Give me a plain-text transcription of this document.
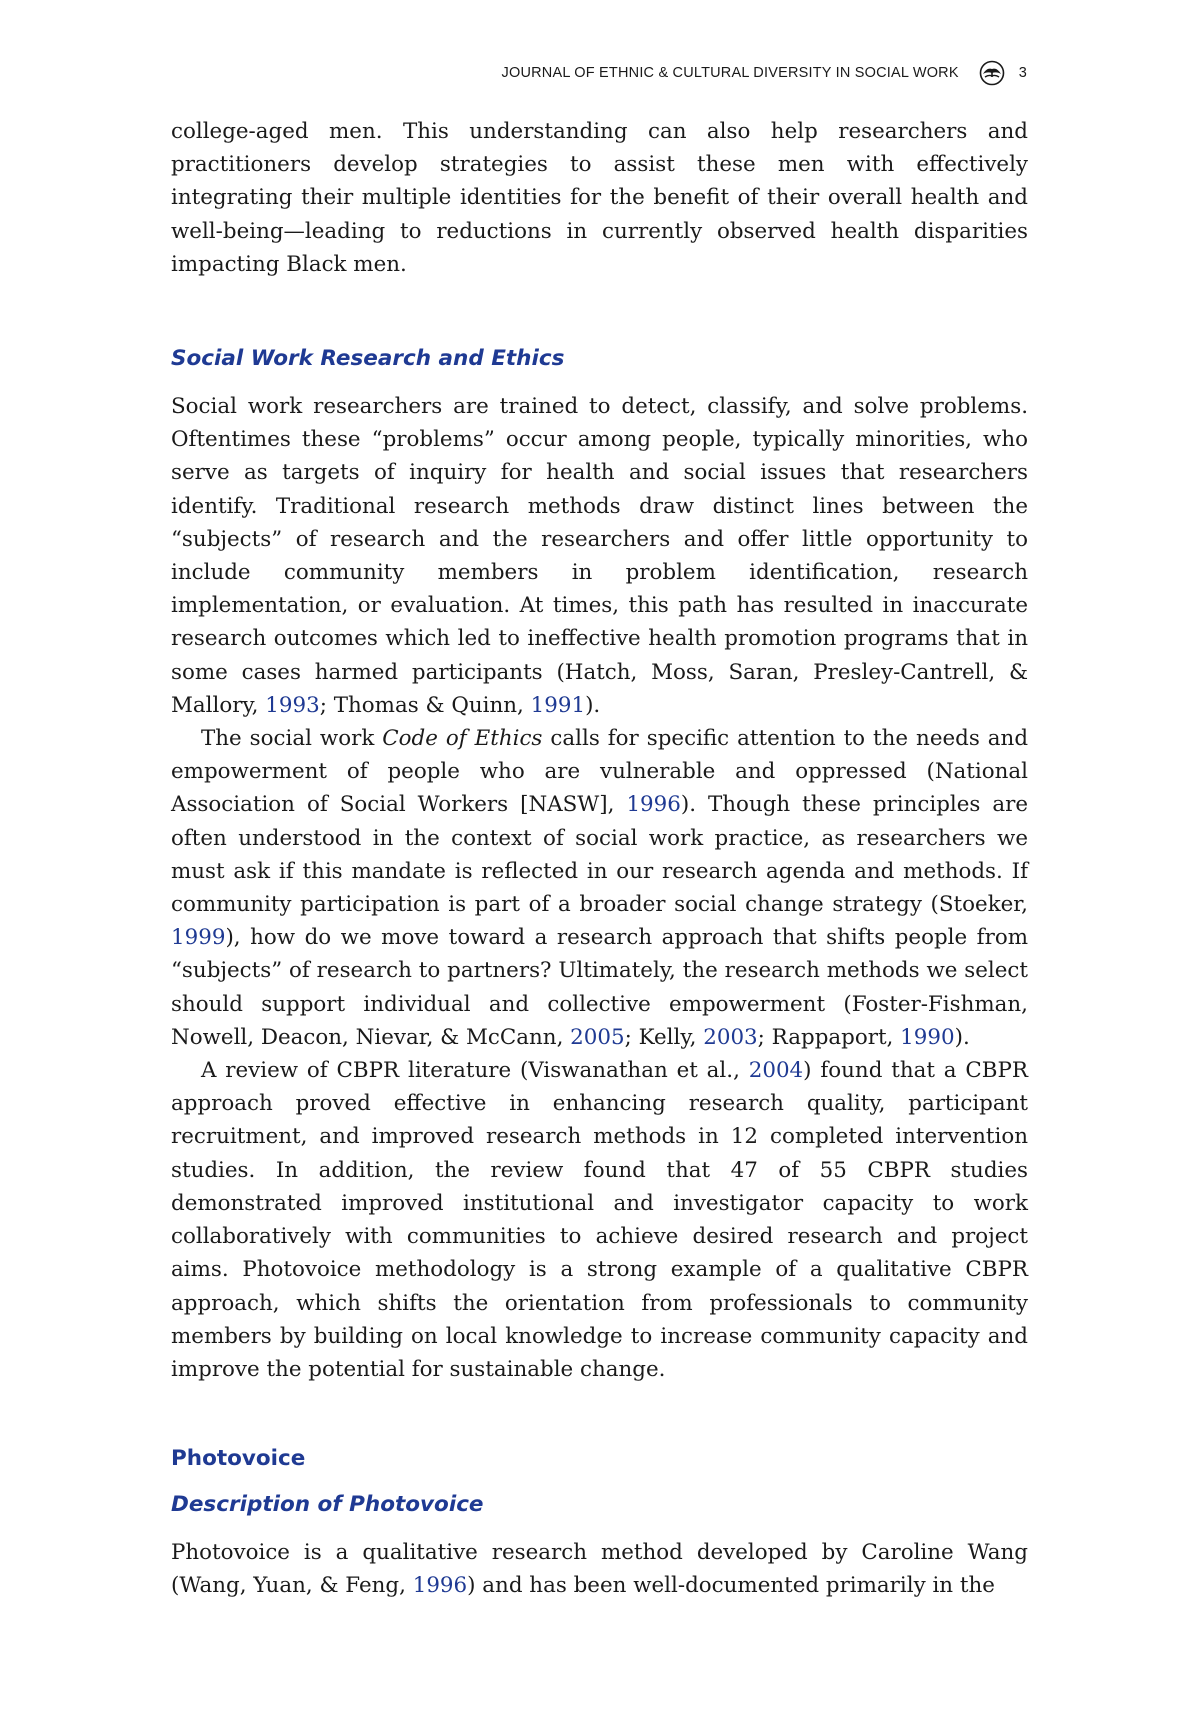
JOURNAL OF ETHNIC & CULTURAL DIVERSITY IN SOCIAL WORK	3

college-aged men. This understanding can also help researchers and practitioners develop strategies to assist these men with effectively integrating their multiple identities for the benefit of their overall health and well-being—leading to reductions in currently observed health disparities impacting Black men.

Social Work Research and Ethics

Social work researchers are trained to detect, classify, and solve problems. Oftentimes these “problems” occur among people, typically minorities, who serve as targets of inquiry for health and social issues that researchers identify. Traditional research methods draw distinct lines between the “subjects” of research and the researchers and offer little opportunity to include community members in problem identification, research implementation, or evaluation. At times, this path has resulted in inaccurate research outcomes which led to ineffective health promotion programs that in some cases harmed participants (Hatch, Moss, Saran, Presley-Cantrell, & Mallory, 1993; Thomas & Quinn, 1991).

The social work Code of Ethics calls for specific attention to the needs and empowerment of people who are vulnerable and oppressed (National Association of Social Workers [NASW], 1996). Though these principles are often understood in the context of social work practice, as researchers we must ask if this mandate is reflected in our research agenda and methods. If community participation is part of a broader social change strategy (Stoeker, 1999), how do we move toward a research approach that shifts people from “subjects” of research to partners? Ultimately, the research methods we select should support individual and collective empowerment (Foster-Fishman, Nowell, Deacon, Nievar, & McCann, 2005; Kelly, 2003; Rappaport, 1990).

A review of CBPR literature (Viswanathan et al., 2004) found that a CBPR approach proved effective in enhancing research quality, participant recruitment, and improved research methods in 12 completed intervention studies. In addition, the review found that 47 of 55 CBPR studies demonstrated improved institutional and investigator capacity to work collaboratively with communities to achieve desired research and project aims. Photovoice methodology is a strong example of a qualitative CBPR approach, which shifts the orientation from professionals to community members by building on local knowledge to increase community capacity and improve the potential for sustainable change.

Photovoice
Description of Photovoice

Photovoice is a qualitative research method developed by Caroline Wang (Wang, Yuan, & Feng, 1996) and has been well-documented primarily in the
